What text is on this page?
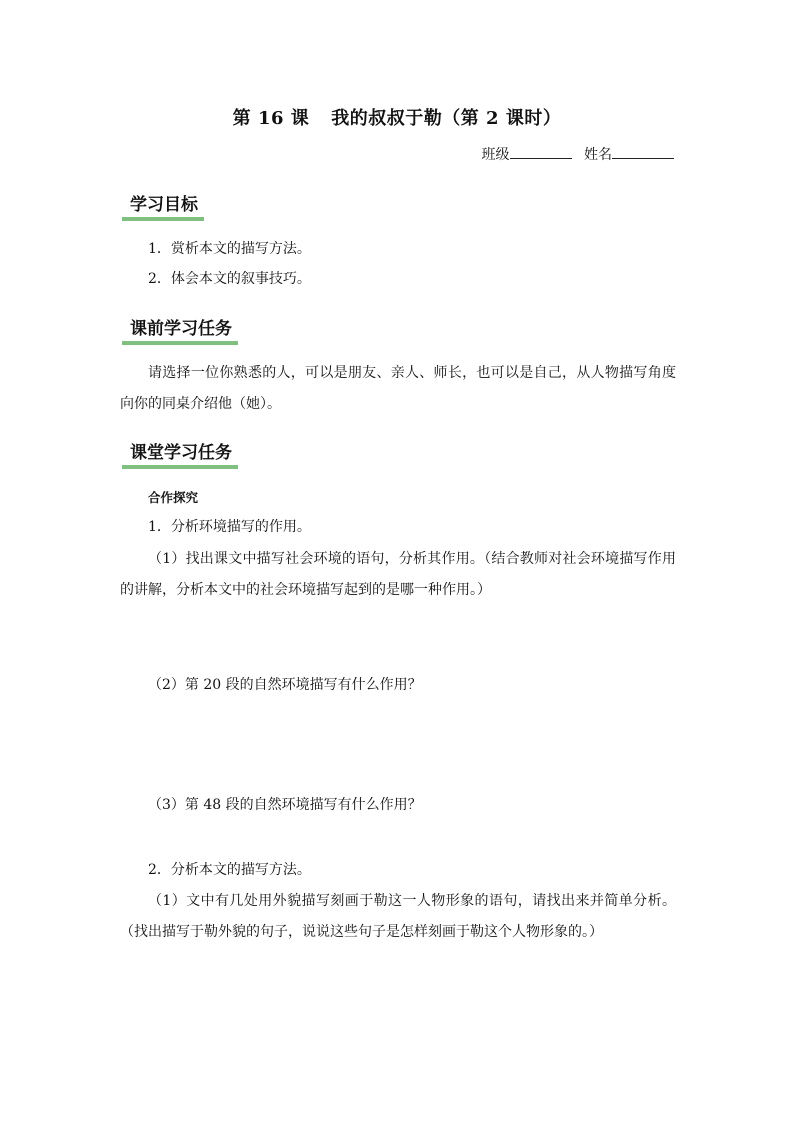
第 16 课 我的叔叔于勒（第 2 课时）
班级	姓名
学习目标
1．赏析本文的描写方法。
2．体会本文的叙事技巧。
课前学习任务
请选择一位你熟悉的人，可以是朋友、亲人、师长，也可以是自己，从人物描写角度向你的同桌介绍他（她）。
课堂学习任务
合作探究
1．分析环境描写的作用。
（1）找出课文中描写社会环境的语句，分析其作用。（结合教师对社会环境描写作用的讲解，分析本文中的社会环境描写起到的是哪一种作用。）
（2）第 20 段的自然环境描写有什么作用？
（3）第 48 段的自然环境描写有什么作用？
2．分析本文的描写方法。
（1）文中有几处用外貌描写刻画于勒这一人物形象的语句，请找出来并简单分析。（找出描写于勒外貌的句子，说说这些句子是怎样刻画于勒这个人物形象的。）
